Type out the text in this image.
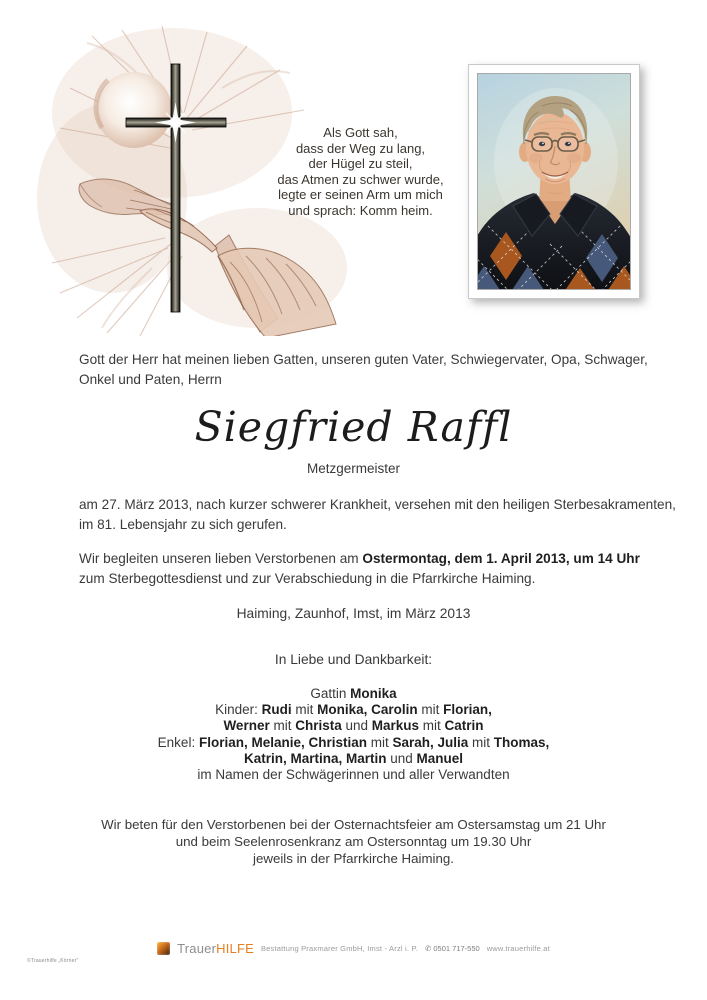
Als Gott sah,
dass der Weg zu lang,
der Hügel zu steil,
das Atmen zu schwer wurde,
legte er seinen Arm um mich
und sprach: Komm heim.
Gott der Herr hat meinen lieben Gatten, unseren guten Vater, Schwiegervater, Opa, Schwager,
Onkel und Paten, Herrn
Siegfried Raffl
Metzgermeister
am 27. März 2013, nach kurzer schwerer Krankheit, versehen mit den heiligen Sterbesakramenten,
im 81. Lebensjahr zu sich gerufen.
Wir begleiten unseren lieben Verstorbenen am Ostermontag, dem 1. April 2013, um 14 Uhr
zum Sterbegottesdienst und zur Verabschiedung in die Pfarrkirche Haiming.
Haiming, Zaunhof, Imst, im März 2013
In Liebe und Dankbarkeit:
Gattin Monika
Kinder: Rudi mit Monika, Carolin mit Florian,
Werner mit Christa und Markus mit Catrin
Enkel: Florian, Melanie, Christian mit Sarah, Julia mit Thomas,
Katrin, Martina, Martin und Manuel
im Namen der Schwägerinnen und aller Verwandten
Wir beten für den Verstorbenen bei der Osternachtsfeier am Ostersamstag um 21 Uhr
und beim Seelenrosenkranz am Ostersonntag um 19.30 Uhr
jeweils in der Pfarrkirche Haiming.
TrauerHILFE Bestattung Praxmarer GmbH, Imst - Arzl i. P. ✆ 0501 717-550 www.trauerhilfe.at
©Trauerhilfe „Körner“
